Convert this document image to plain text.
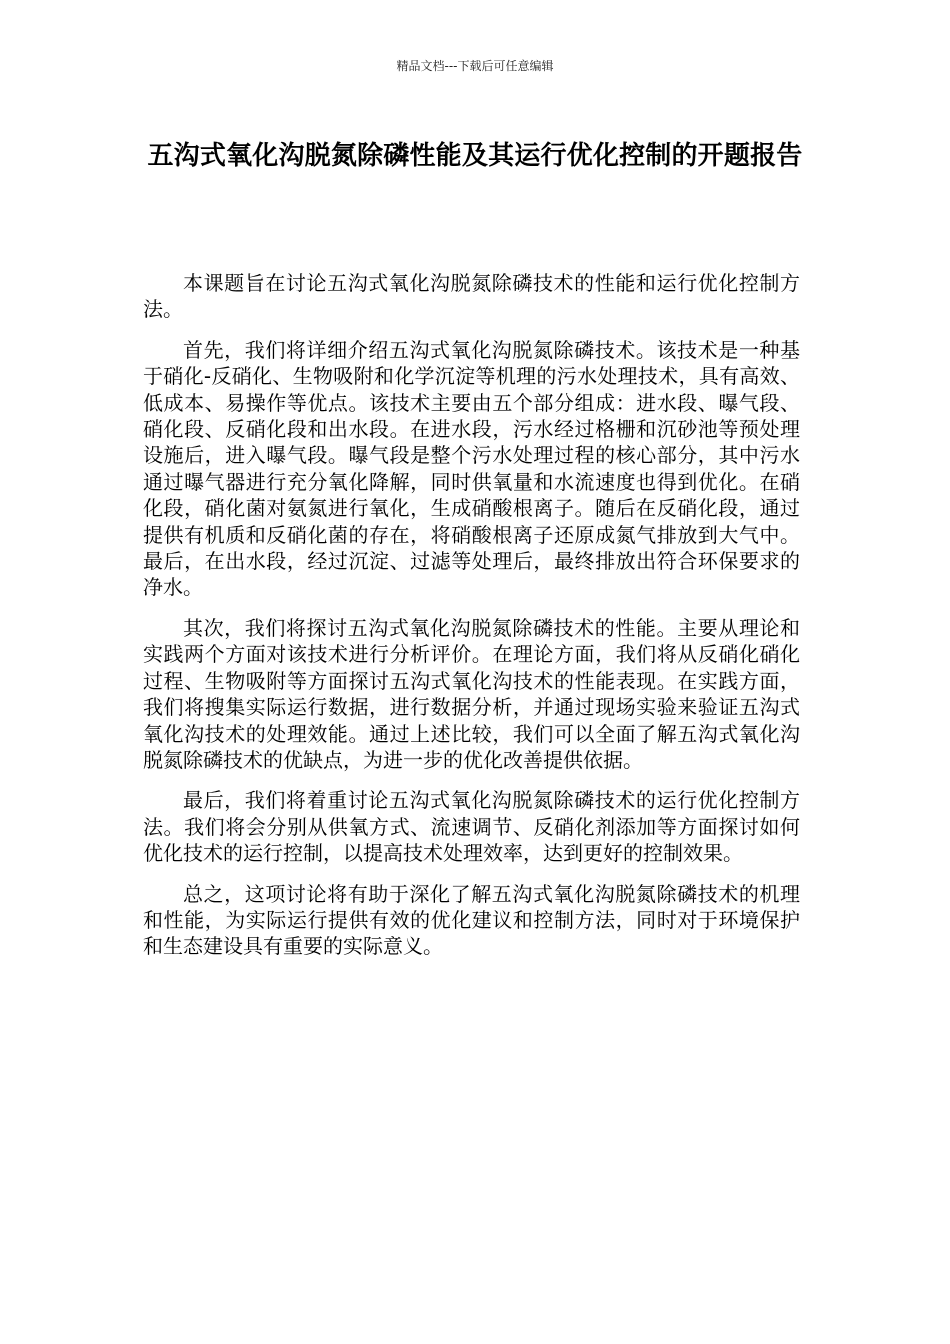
精品文档---下载后可任意编辑
五沟式氧化沟脱氮除磷性能及其运行优化控制的开题报告

本课题旨在讨论五沟式氧化沟脱氮除磷技术的性能和运行优化控制方法。

首先，我们将详细介绍五沟式氧化沟脱氮除磷技术。该技术是一种基于硝化-反硝化、生物吸附和化学沉淀等机理的污水处理技术，具有高效、低成本、易操作等优点。该技术主要由五个部分组成：进水段、曝气段、硝化段、反硝化段和出水段。在进水段，污水经过格栅和沉砂池等预处理设施后，进入曝气段。曝气段是整个污水处理过程的核心部分，其中污水通过曝气器进行充分氧化降解，同时供氧量和水流速度也得到优化。在硝化段，硝化菌对氨氮进行氧化，生成硝酸根离子。随后在反硝化段，通过提供有机质和反硝化菌的存在，将硝酸根离子还原成氮气排放到大气中。最后，在出水段，经过沉淀、过滤等处理后，最终排放出符合环保要求的净水。

其次，我们将探讨五沟式氧化沟脱氮除磷技术的性能。主要从理论和实践两个方面对该技术进行分析评价。在理论方面，我们将从反硝化硝化过程、生物吸附等方面探讨五沟式氧化沟技术的性能表现。在实践方面，我们将搜集实际运行数据，进行数据分析，并通过现场实验来验证五沟式氧化沟技术的处理效能。通过上述比较，我们可以全面了解五沟式氧化沟脱氮除磷技术的优缺点，为进一步的优化改善提供依据。

最后，我们将着重讨论五沟式氧化沟脱氮除磷技术的运行优化控制方法。我们将会分别从供氧方式、流速调节、反硝化剂添加等方面探讨如何优化技术的运行控制，以提高技术处理效率，达到更好的控制效果。

总之，这项讨论将有助于深化了解五沟式氧化沟脱氮除磷技术的机理和性能，为实际运行提供有效的优化建议和控制方法，同时对于环境保护和生态建设具有重要的实际意义。
